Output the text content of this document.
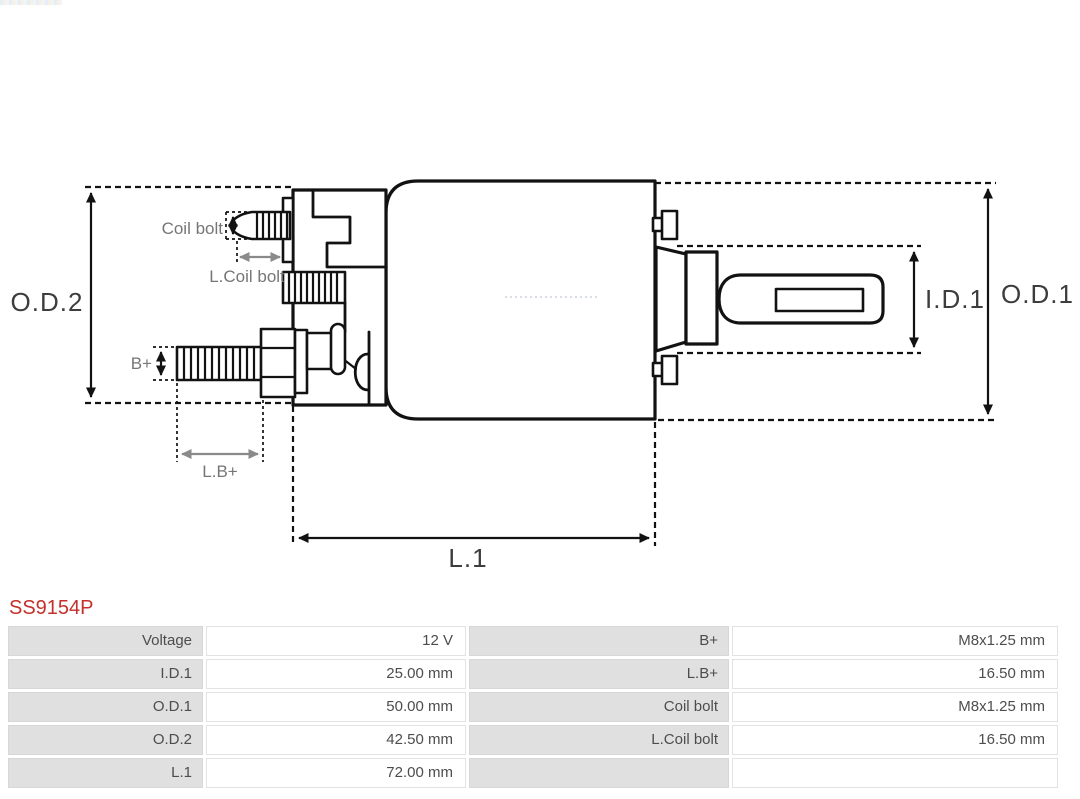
O.D.2	O.D.1
I.D.1
L.1
Coil bolt
L.Coil bolt
B+
L.B+
SS9154P
Voltage	12 V	B+	M8x1.25 mm
I.D.1	25.00 mm	L.B+	16.50 mm
O.D.1	50.00 mm	Coil bolt	M8x1.25 mm
O.D.2	42.50 mm	L.Coil bolt	16.50 mm
L.1	72.00 mm
